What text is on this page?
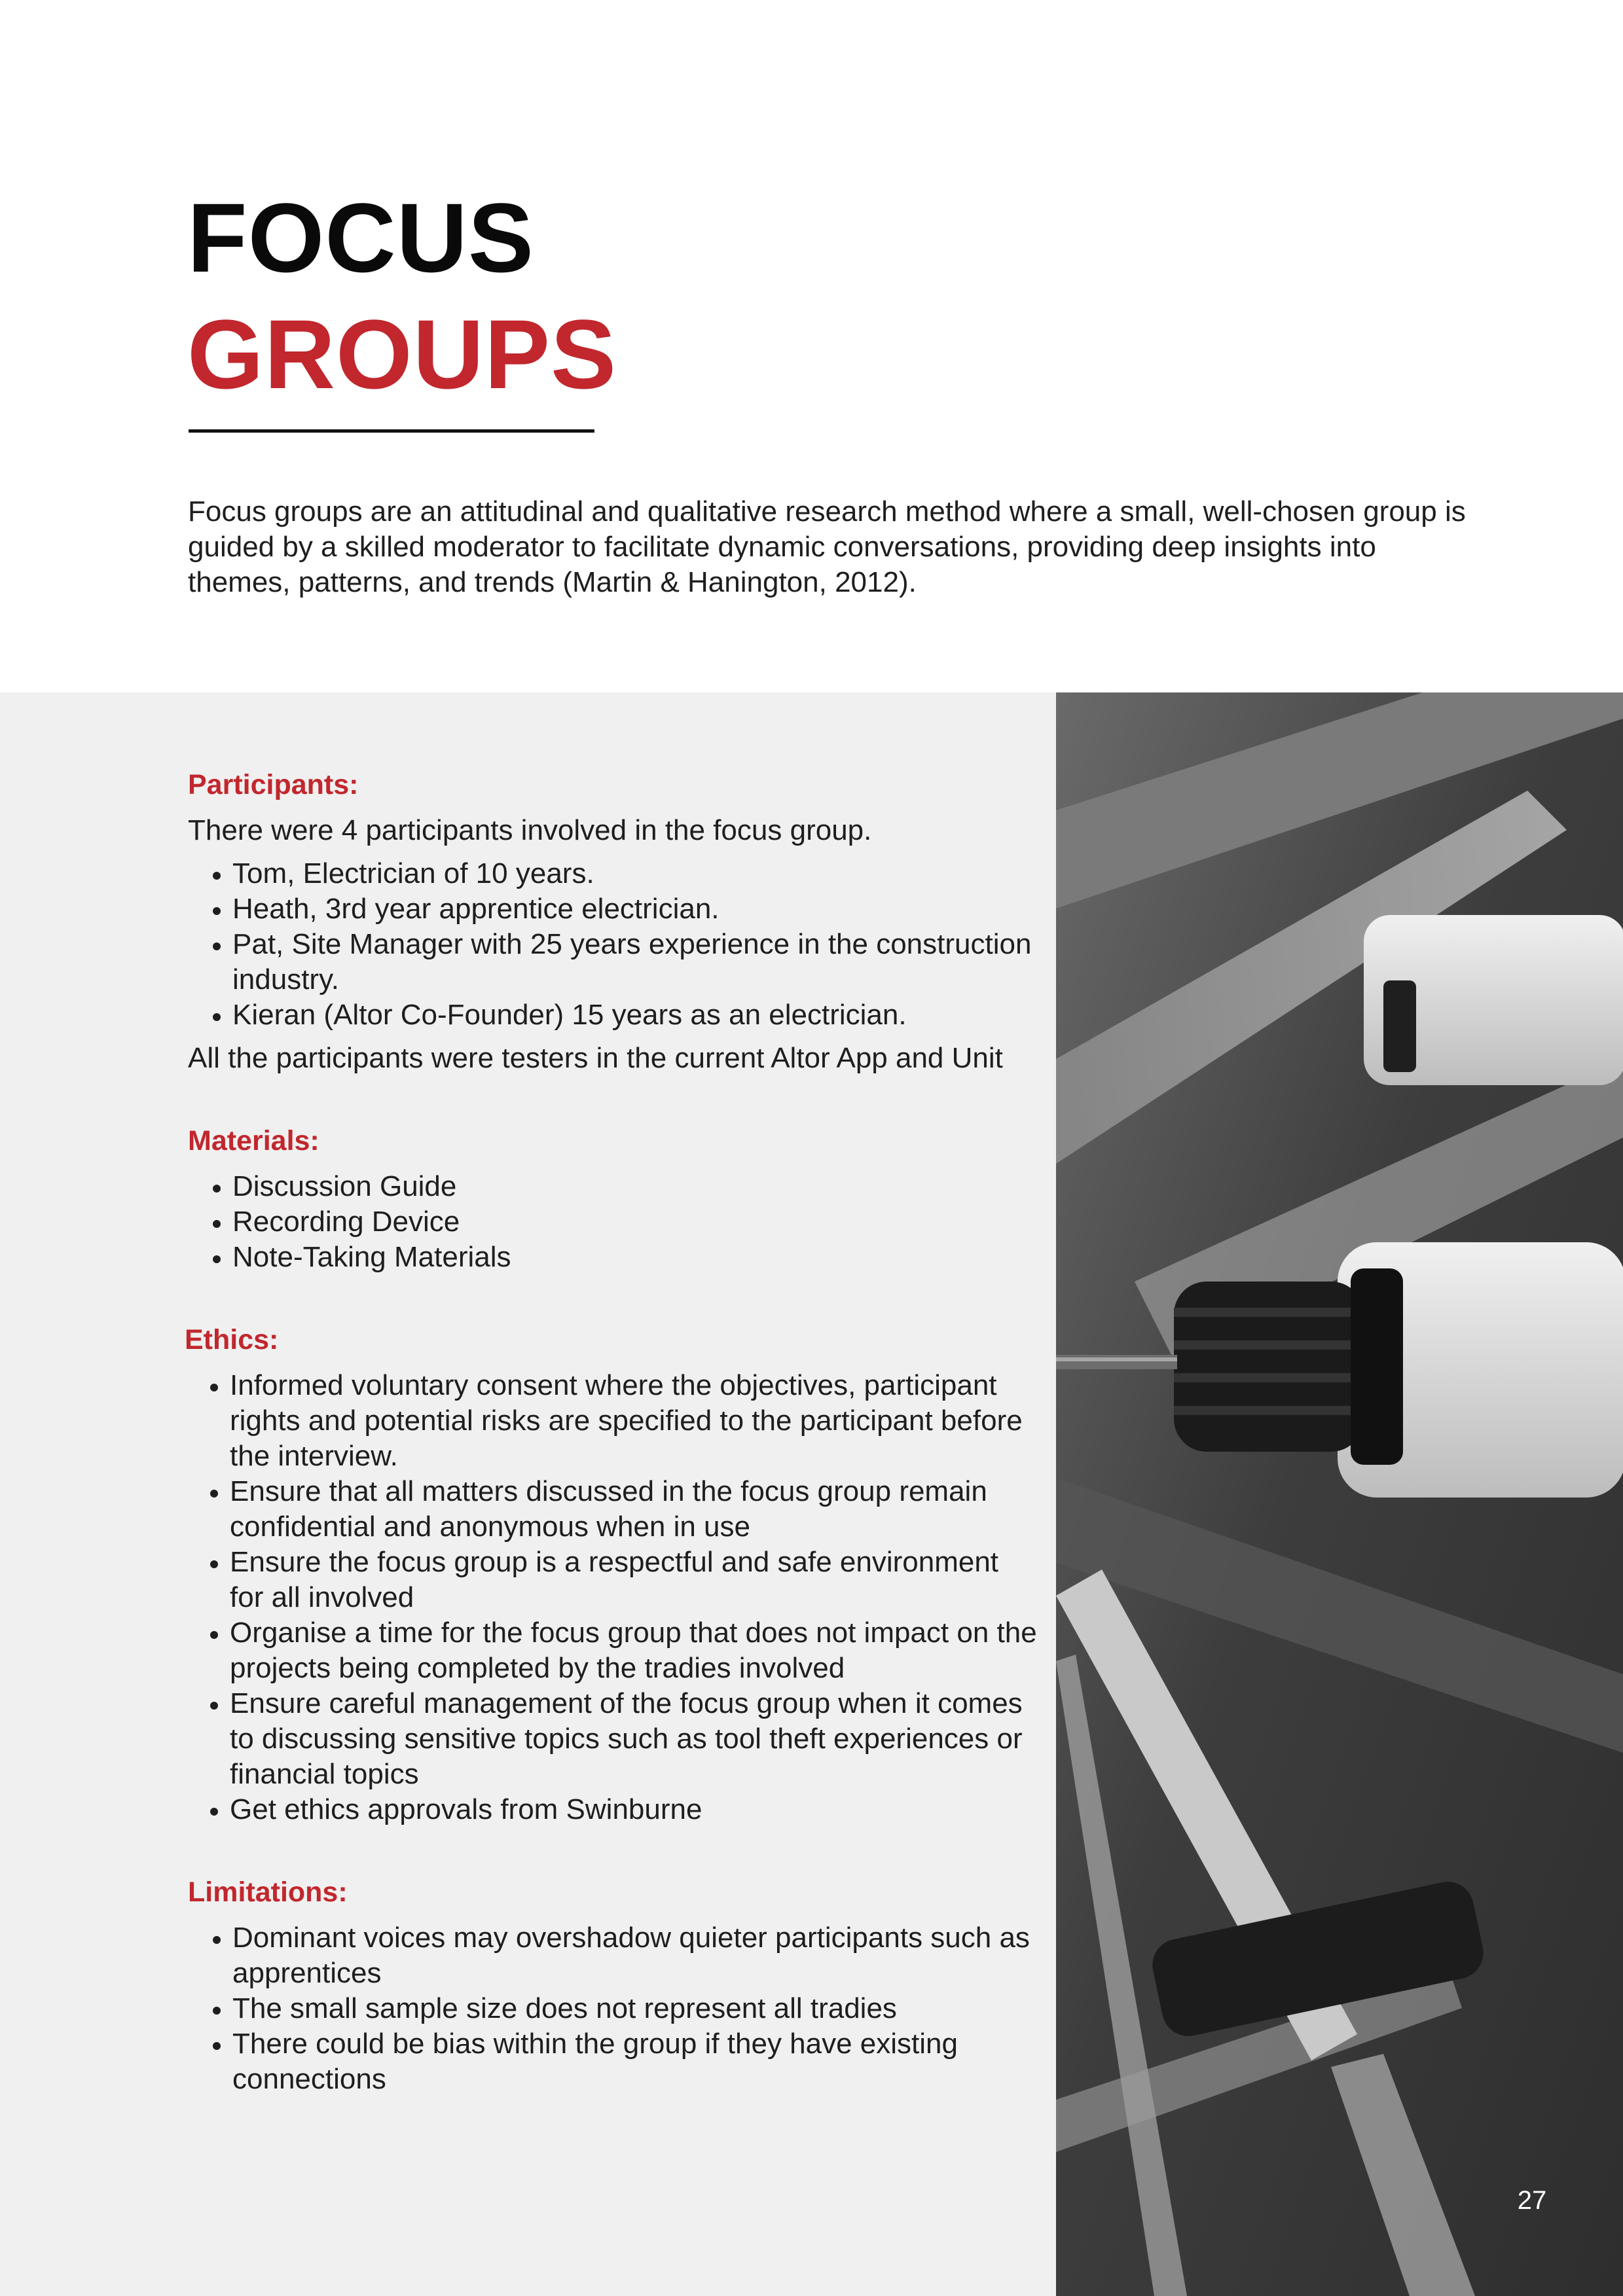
FOCUS
GROUPS

Focus groups are an attitudinal and qualitative research method where a small, well-chosen group is guided by a skilled moderator to facilitate dynamic conversations, providing deep insights into themes, patterns, and trends (Martin & Hanington, 2012).

Participants:

There were 4 participants involved in the focus group.

• Tom, Electrician of 10 years.
• Heath, 3rd year apprentice electrician.
• Pat, Site Manager with 25 years experience in the construction industry.
• Kieran (Altor Co-Founder) 15 years as an electrician.

All the participants were testers in the current Altor App and Unit

Materials:
• Discussion Guide
• Recording Device
• Note-Taking Materials
Ethics:
• Informed voluntary consent where the objectives, participant rights and potential risks are specified to the participant before the interview.
• Ensure that all matters discussed in the focus group remain confidential and anonymous when in use
• Ensure the focus group is a respectful and safe environment for all involved
• Organise a time for the focus group that does not impact on the projects being completed by the tradies involved
• Ensure careful management of the focus group when it comes to discussing sensitive topics such as tool theft experiences or financial topics
• Get ethics approvals from Swinburne
Limitations:
• Dominant voices may overshadow quieter participants such as apprentices
• The small sample size does not represent all tradies
• There could be bias within the group if they have existing connections
27
